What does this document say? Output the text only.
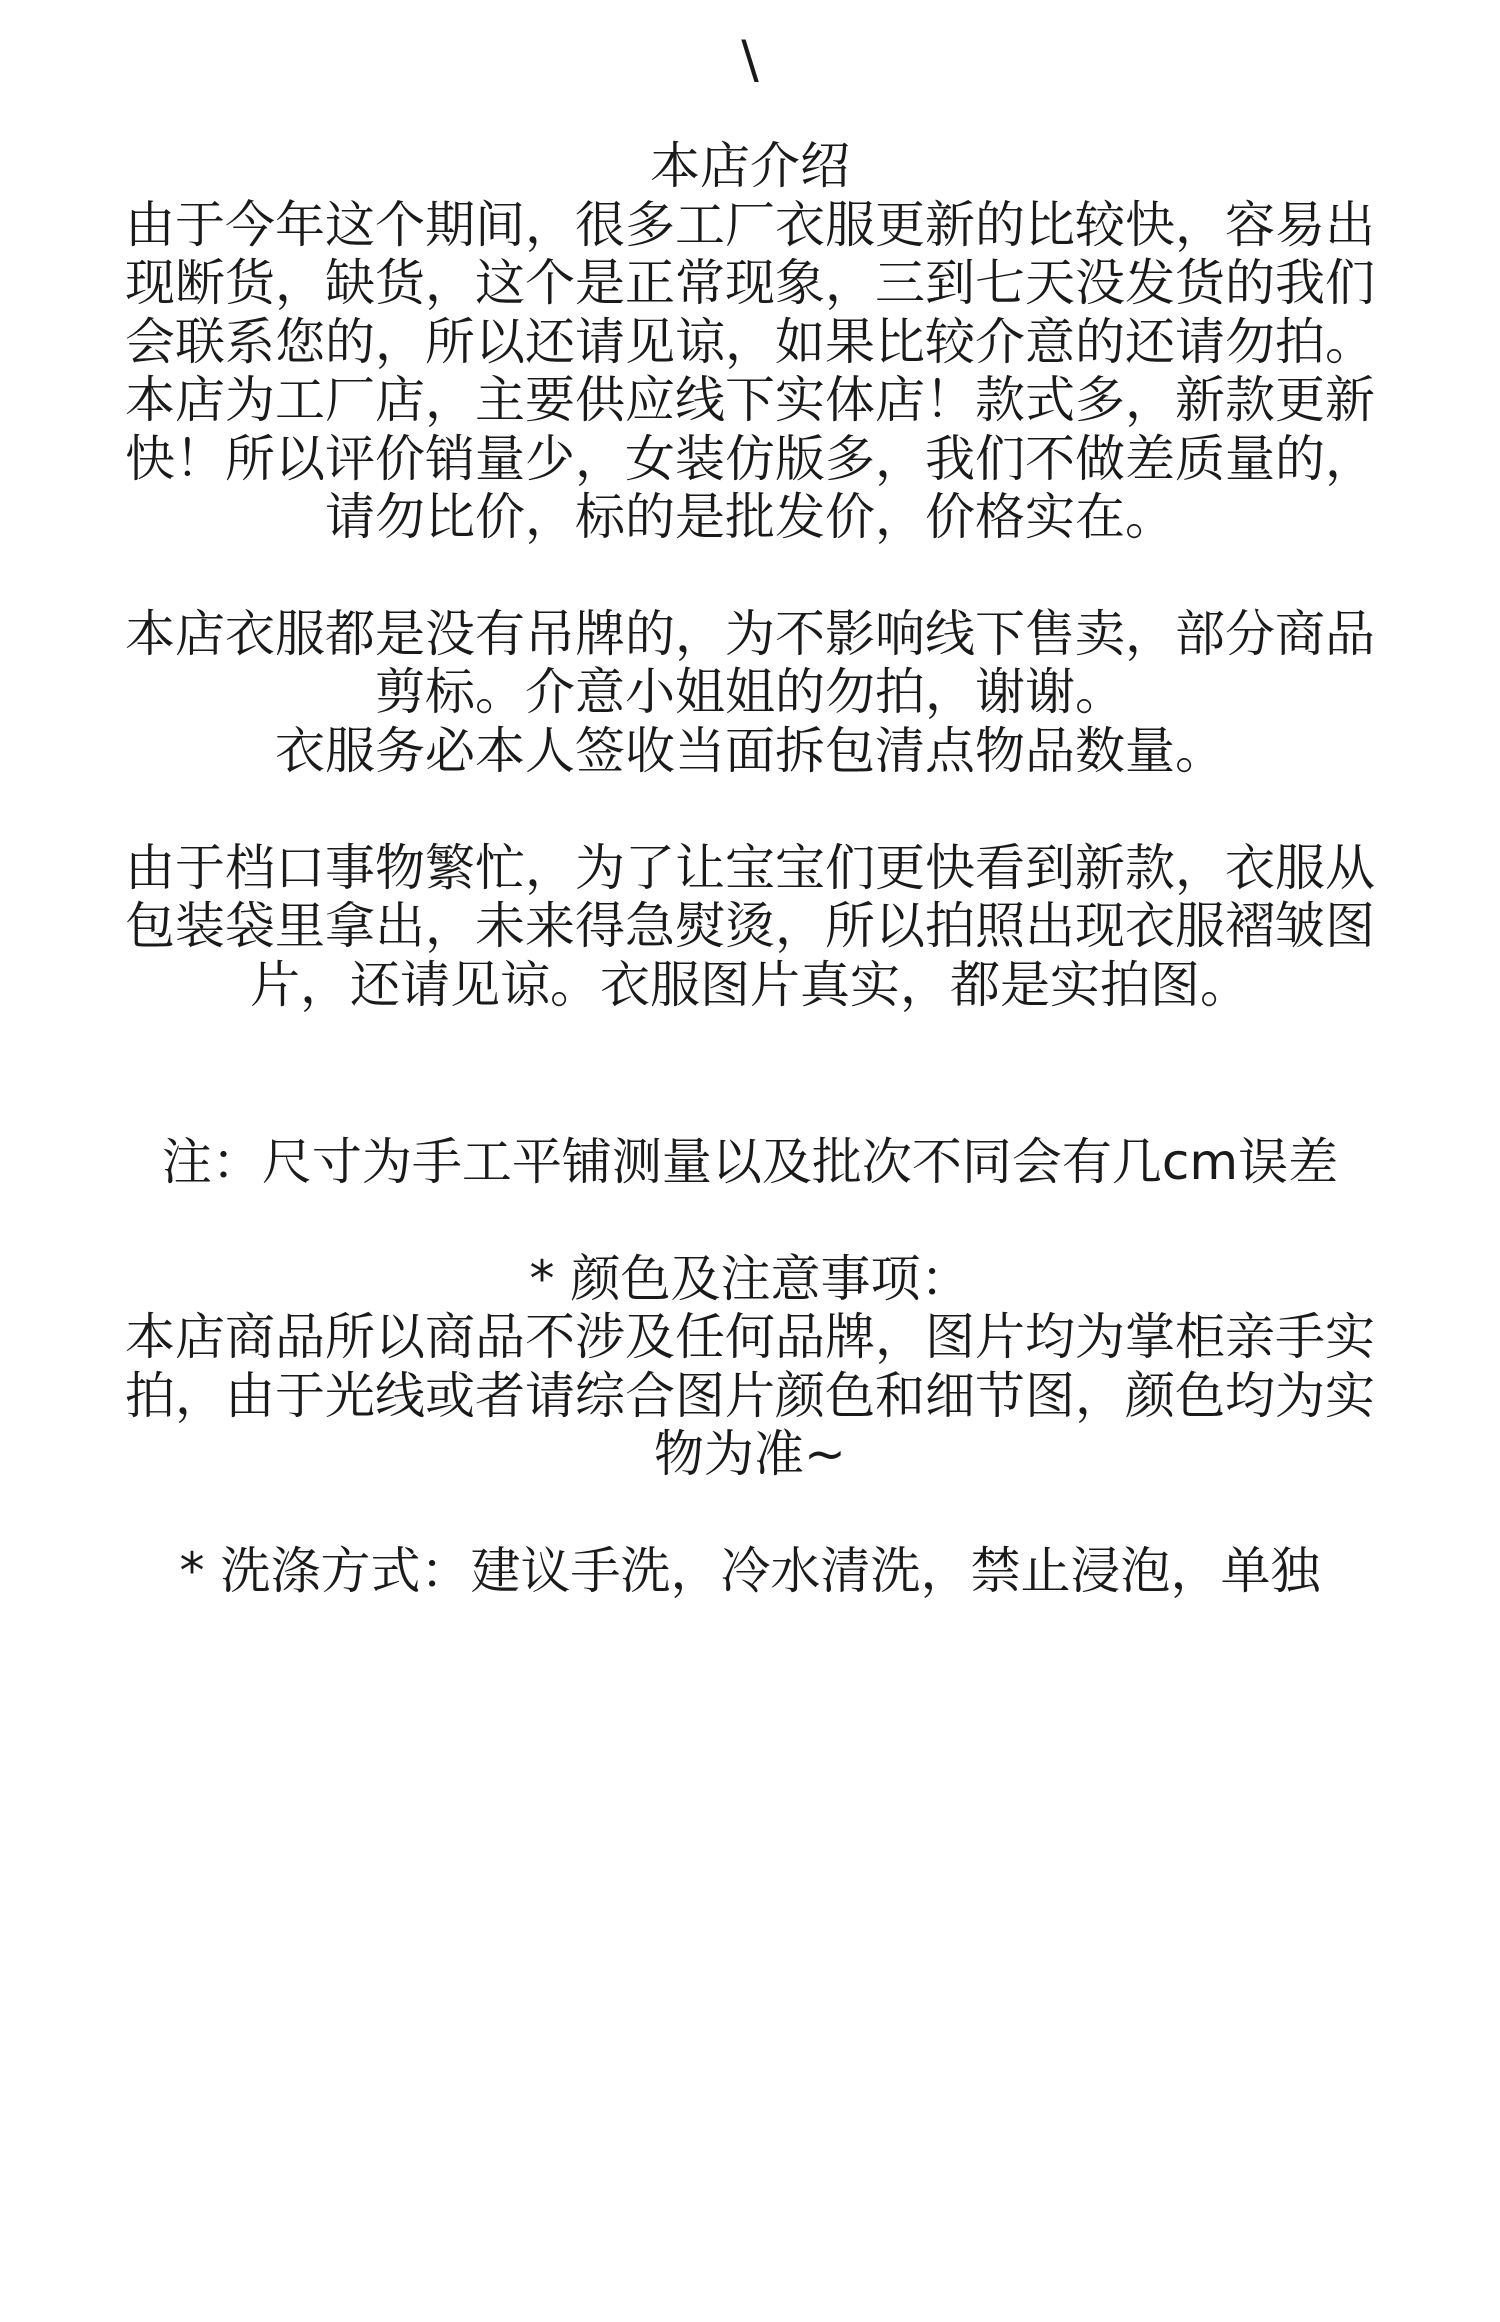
\
本店介绍
由于今年这个期间，很多工厂衣服更新的比较快，容易出
现断货，缺货，这个是正常现象，三到七天没发货的我们
会联系您的，所以还请见谅，如果比较介意的还请勿拍。
本店为工厂店，主要供应线下实体店！款式多，新款更新
快！所以评价销量少，女装仿版多，我们不做差质量的，
请勿比价，标的是批发价，价格实在。
本店衣服都是没有吊牌的，为不影响线下售卖，部分商品
剪标。介意小姐姐的勿拍，谢谢。
衣服务必本人签收当面拆包清点物品数量。
由于档口事物繁忙，为了让宝宝们更快看到新款，衣服从
包装袋里拿出，未来得急熨烫，所以拍照出现衣服褶皱图
片，还请见谅。衣服图片真实，都是实拍图。
注：尺寸为手工平铺测量以及批次不同会有几cm误差
* 颜色及注意事项：
本店商品所以商品不涉及任何品牌，图片均为掌柜亲手实
拍，由于光线或者请综合图片颜色和细节图，颜色均为实
物为准~
* 洗涤方式：建议手洗，冷水清洗，禁止浸泡，单独
